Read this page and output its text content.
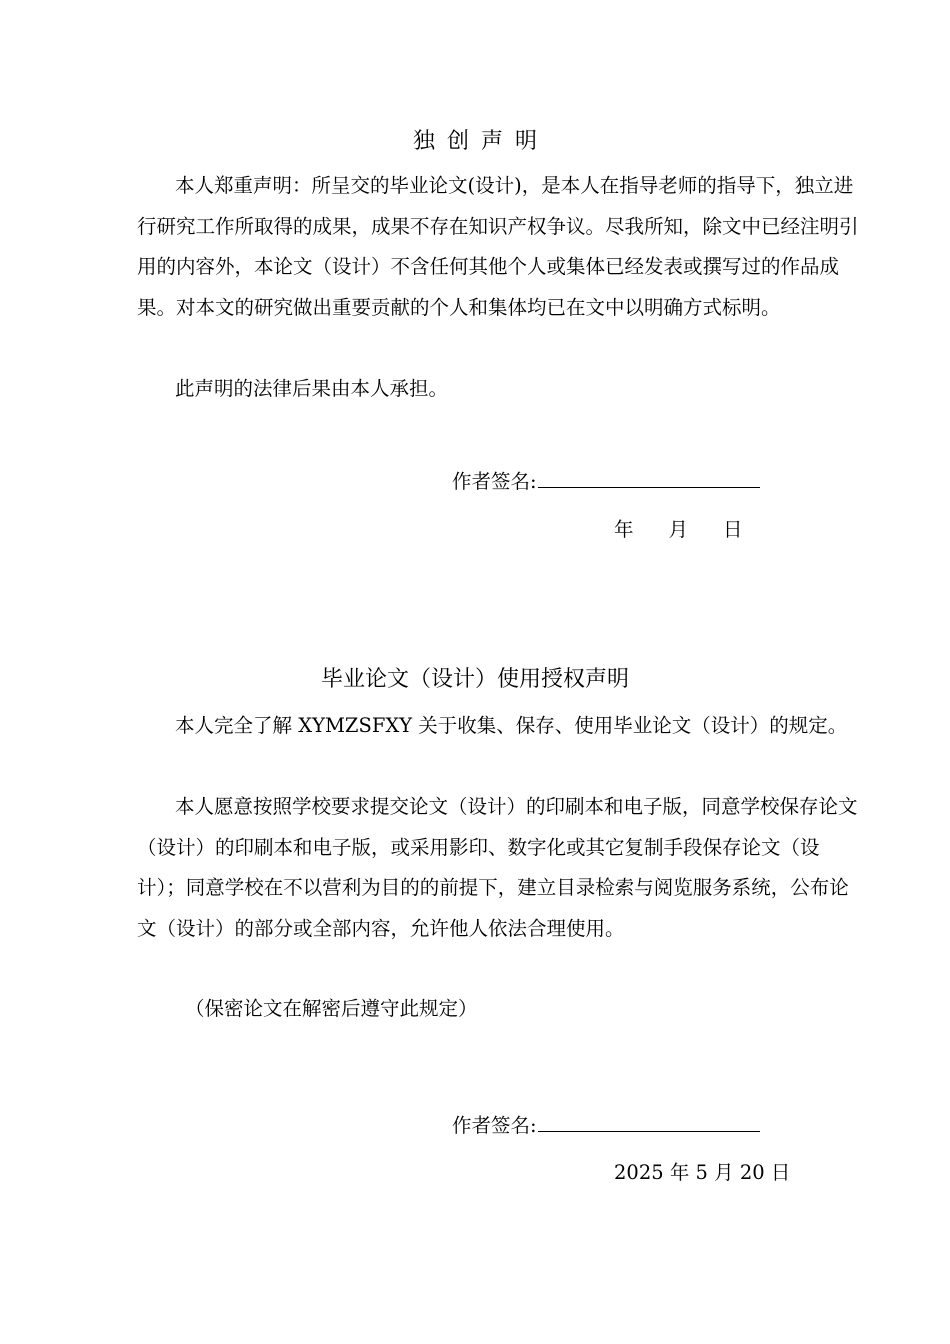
独创声明

本人郑重声明：所呈交的毕业论文(设计)，是本人在指导老师的指导下，独立进行研究工作所取得的成果，成果不存在知识产权争议。尽我所知，除文中已经注明引用的内容外，本论文（设计）不含任何其他个人或集体已经发表或撰写过的作品成果。对本文的研究做出重要贡献的个人和集体均已在文中以明确方式标明。

此声明的法律后果由本人承担。

作者签名:
年 月 日
毕业论文（设计）使用授权声明

本人完全了解 XYMZSFXY 关于收集、保存、使用毕业论文（设计）的规定。

本人愿意按照学校要求提交论文（设计）的印刷本和电子版，同意学校保存论文（设计）的印刷本和电子版，或采用影印、数字化或其它复制手段保存论文（设计）；同意学校在不以营利为目的的前提下，建立目录检索与阅览服务系统，公布论文（设计）的部分或全部内容，允许他人依法合理使用。

（保密论文在解密后遵守此规定）

作者签名:
2025 年 5 月 20 日
